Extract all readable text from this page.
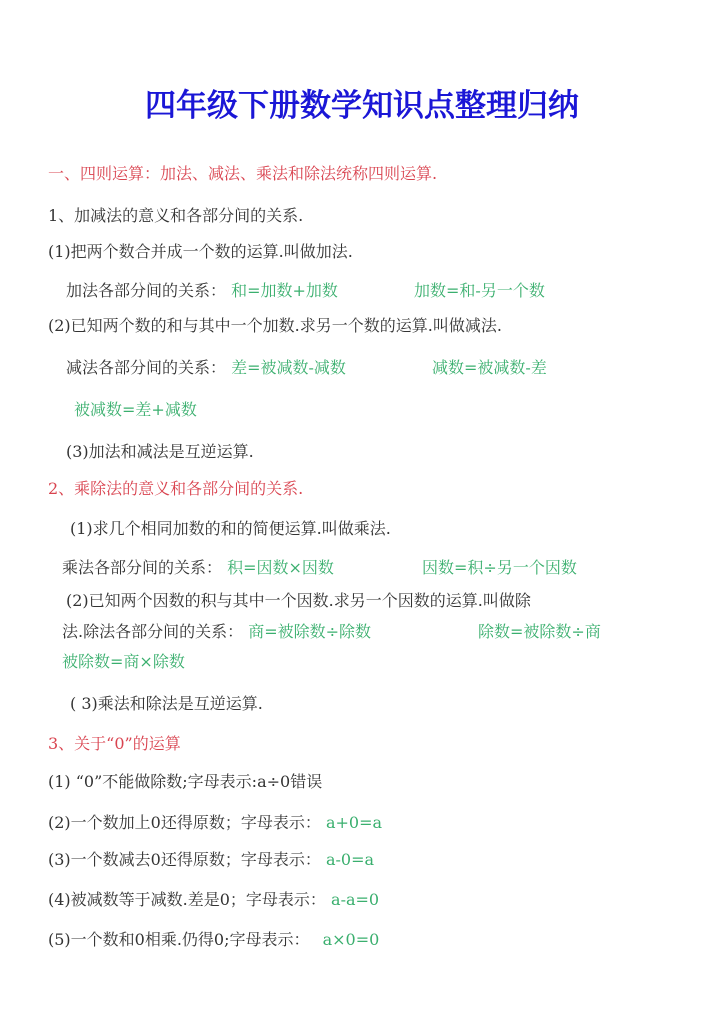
四年级下册数学知识点整理归纳
一、四则运算：加法、减法、乘法和除法统称四则运算.
1、加减法的意义和各部分间的关系.
(1)把两个数合并成一个数的运算.叫做加法.
加法各部分间的关系： 和=加数+加数	加数=和-另一个数
(2)已知两个数的和与其中一个加数.求另一个数的运算.叫做减法.
减法各部分间的关系： 差=被减数-减数	减数=被减数-差
被减数=差+减数
(3)加法和减法是互逆运算.
2、乘除法的意义和各部分间的关系.
(1)求几个相同加数的和的简便运算.叫做乘法.
乘法各部分间的关系： 积=因数×因数	因数=积÷另一个因数
(2)已知两个因数的积与其中一个因数.求另一个因数的运算.叫做除
法.除法各部分间的关系： 商=被除数÷除数	除数=被除数÷商
被除数=商×除数
( 3)乘法和除法是互逆运算.
3、关于“0”的运算
(1) “0”不能做除数;字母表示:a÷0错误
(2)一个数加上0还得原数；字母表示： a+0=a
(3)一个数减去0还得原数；字母表示： a-0=a
(4)被减数等于减数.差是0；字母表示： a-a=0
(5)一个数和0相乘.仍得0;字母表示： a×0=0
